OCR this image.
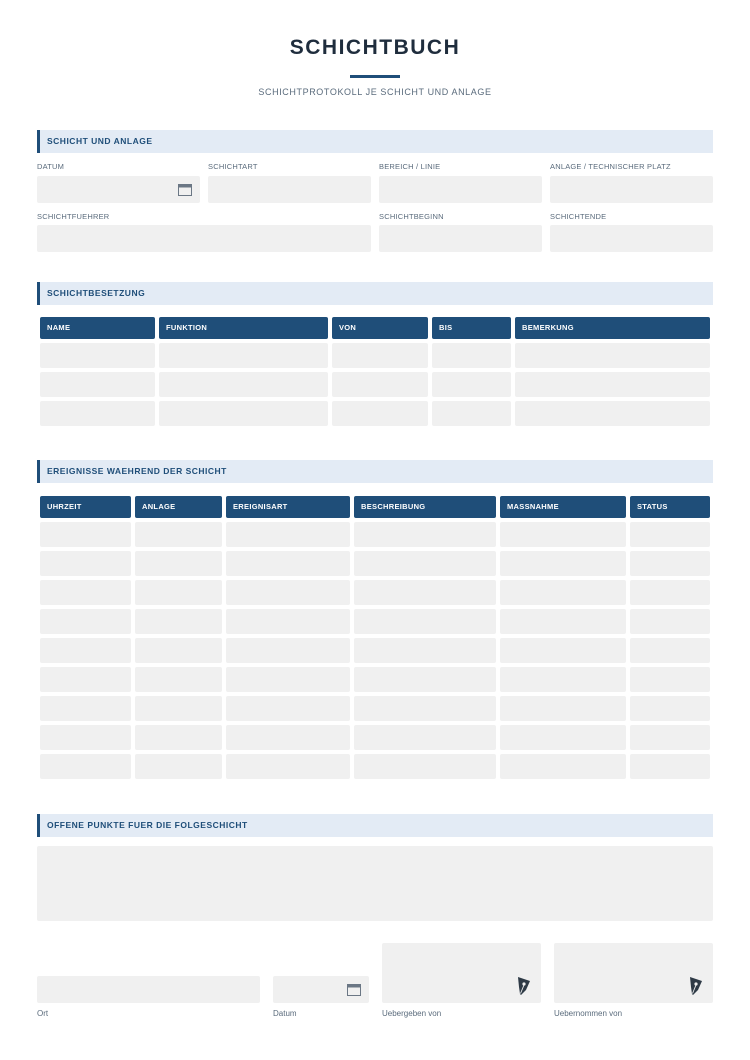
SCHICHTBUCH
SCHICHTPROTOKOLL JE SCHICHT UND ANLAGE
SCHICHT UND ANLAGE
DATUM	SCHICHTART	BEREICH / LINIE	ANLAGE / TECHNISCHER PLATZ
SCHICHTFUEHRER	SCHICHTBEGINN	SCHICHTENDE
SCHICHTBESETZUNG
NAME	FUNKTION	VON	BIS	BEMERKUNG
EREIGNISSE WAEHREND DER SCHICHT
UHRZEIT	ANLAGE	EREIGNISART	BESCHREIBUNG	MASSNAHME	STATUS
OFFENE PUNKTE FUER DIE FOLGESCHICHT
Ort	Datum	Uebergeben von	Uebernommen von
